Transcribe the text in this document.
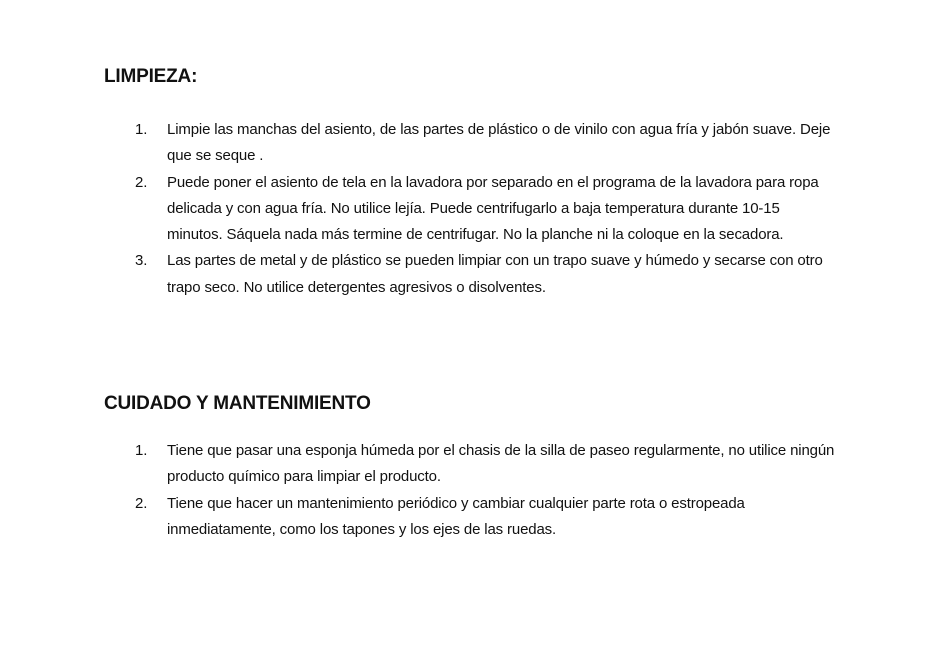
LIMPIEZA:
1.	Limpie las manchas del asiento, de las partes de plástico o de vinilo con agua fría y jabón suave. Deje que se seque .
2.	Puede poner el asiento de tela en la lavadora por separado en el programa de la lavadora para ropa delicada y con agua fría. No utilice lejía. Puede centrifugarlo a baja temperatura durante 10-15 minutos. Sáquela nada más termine de centrifugar. No la planche ni la coloque en la secadora.
3.	Las partes de metal y de plástico se pueden limpiar con un trapo suave y húmedo y secarse con otro trapo seco. No utilice detergentes agresivos o disolventes.
CUIDADO Y MANTENIMIENTO
1.	Tiene que pasar una esponja húmeda por el chasis de la silla de paseo regularmente, no utilice ningún producto químico para limpiar el producto.
2.	Tiene que hacer un mantenimiento periódico y cambiar cualquier parte rota o estropeada inmediatamente, como los tapones y los ejes de las ruedas.
